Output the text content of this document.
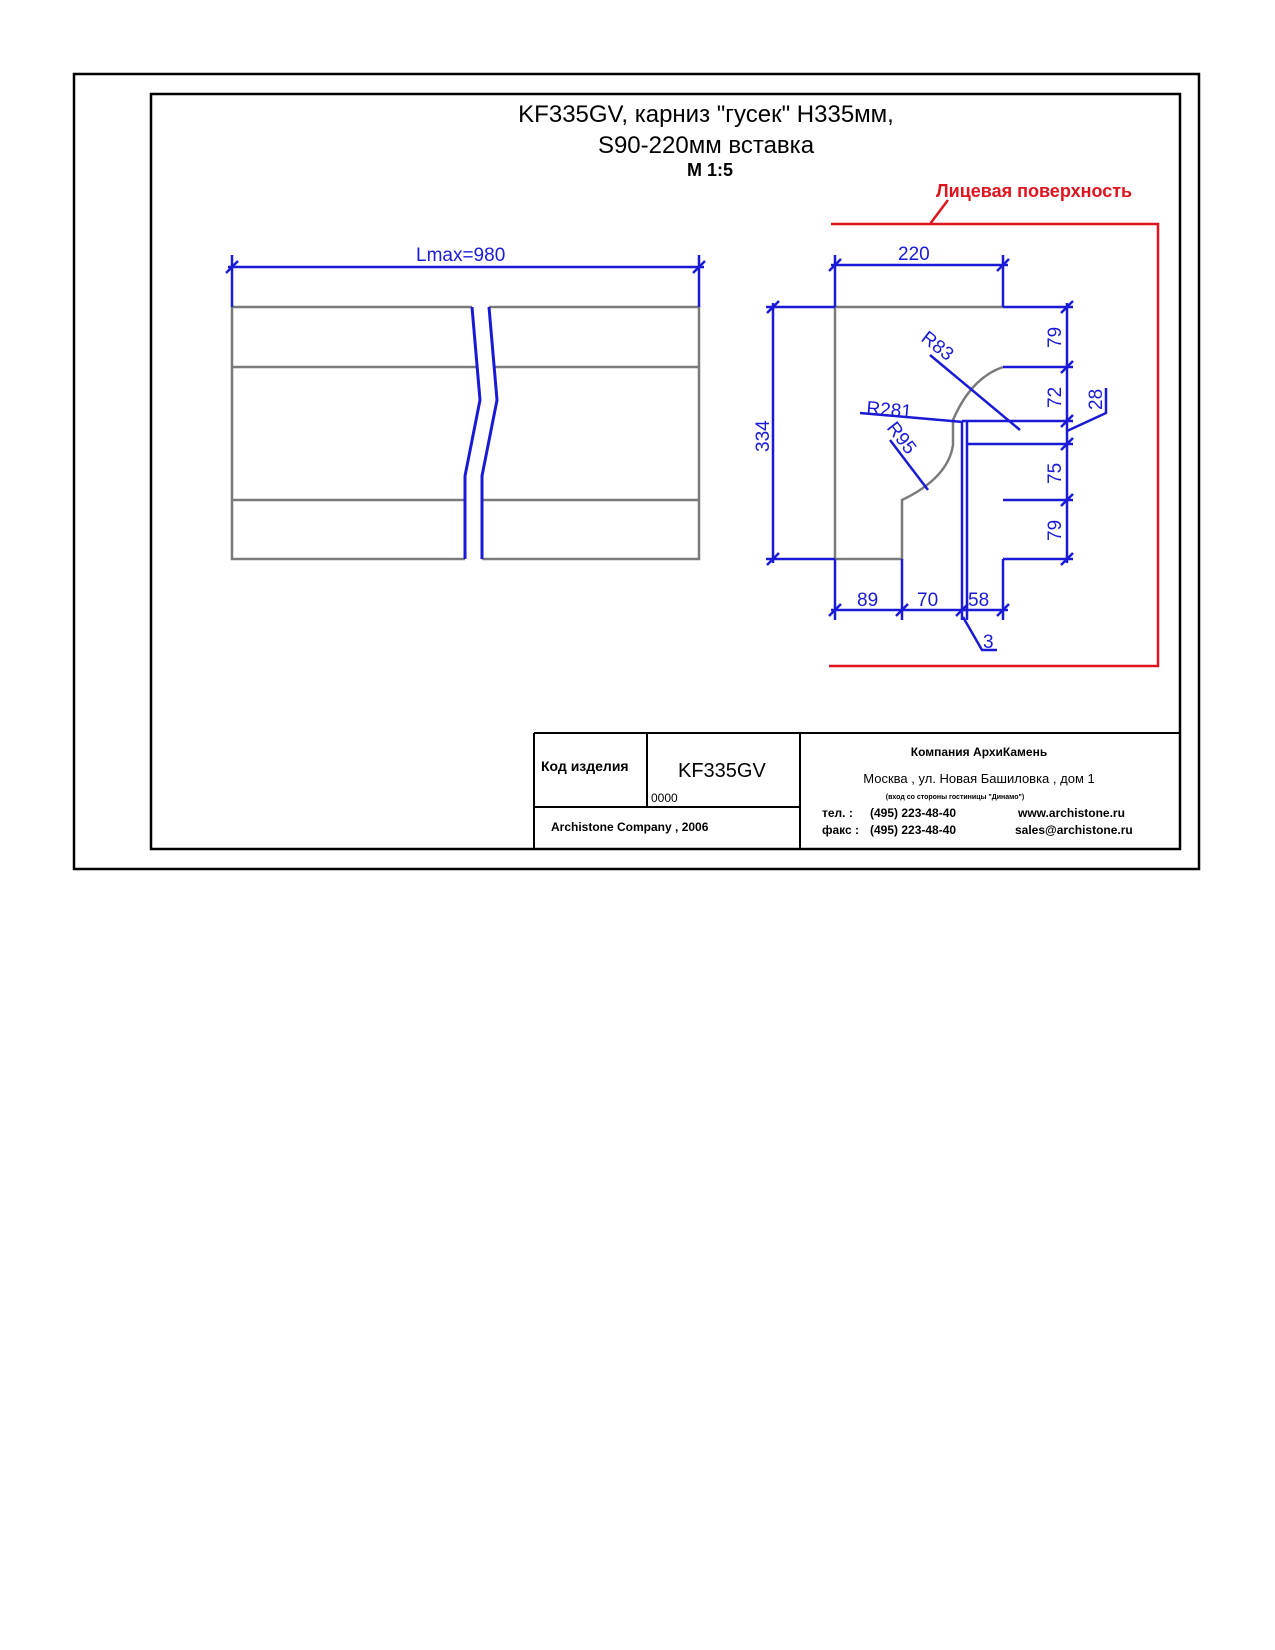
KF335GV, карниз "гусек" H335мм,
S90-220мм вставка
М 1:5
Lmax=980
Лицевая поверхность
220
334
79
72 28
75
79
89 70 58
3
R83
R281
R95
Код изделия KF335GV
0000
Archistone Company , 2006
Компания АрхиКамень
Москва , ул. Новая Башиловка , дом 1
(вход со стороны гостиницы "Динамо")
тел. : (495) 223-48-40
факс : (495) 223-48-40
www.archistone.ru
sales@archistone.ru
